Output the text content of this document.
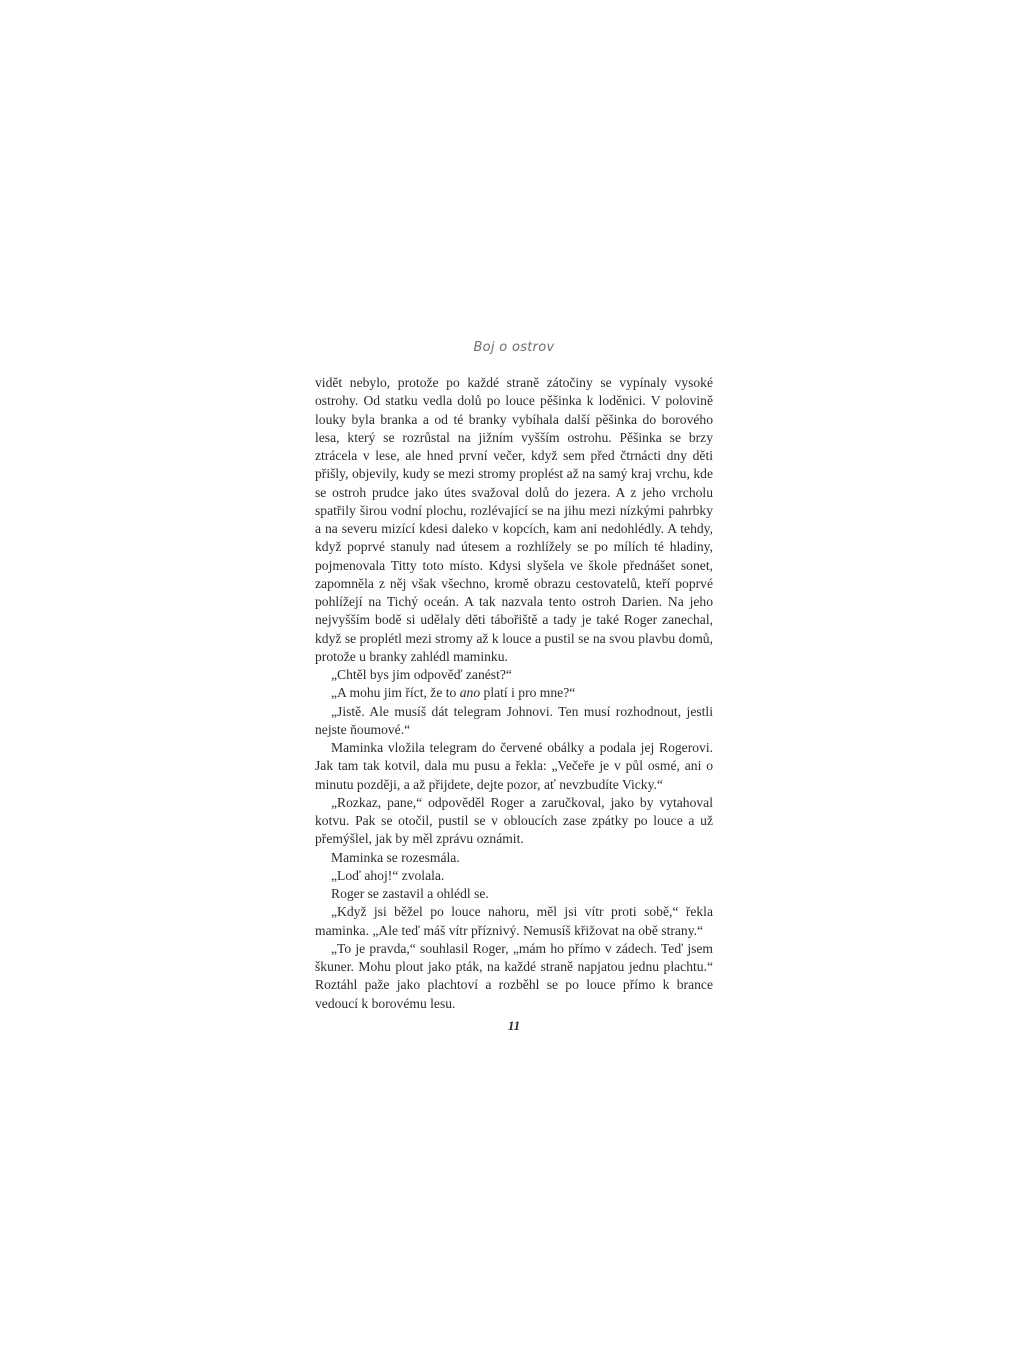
Boj o ostrov

vidět nebylo, protože po každé straně zátočiny se vypínaly vysoké ostrohy. Od statku vedla dolů po louce pěšinka k loděnici. V polovině louky byla branka a od té branky vybíhala další pěšinka do borového lesa, který se rozrůstal na jižním vyšším ostrohu. Pěšinka se brzy ztrácela v lese, ale hned první večer, když sem před čtrnácti dny děti přišly, objevily, kudy se mezi stromy proplést až na samý kraj vrchu, kde se ostroh prudce jako útes svažoval dolů do jezera. A z jeho vrcholu spatřily širou vodní plochu, rozlévající se na jihu mezi nízkými pahrbky a na severu mizící kdesi daleko v kopcích, kam ani nedohlédly. A tehdy, když poprvé stanuly nad útesem a rozhlížely se po mílích té hladiny, pojmenovala Titty toto místo. Kdysi slyšela ve škole přednášet sonet, zapomněla z něj však všechno, kromě obrazu cestovatelů, kteří poprvé pohlížejí na Tichý oceán. A tak nazvala tento ostroh Darien. Na jeho nejvyšším bodě si udělaly děti tábořiště a tady je také Roger zanechal, když se proplétl mezi stromy až k louce a pustil se na svou plavbu domů, protože u branky zahlédl maminku.

„Chtěl bys jim odpověď zanést?“

„A mohu jim říct, že to ano platí i pro mne?“

„Jistě. Ale musíš dát telegram Johnovi. Ten musí rozhodnout, jestli nejste ňoumové.“

Maminka vložila telegram do červené obálky a podala jej Rogerovi. Jak tam tak kotvil, dala mu pusu a řekla: „Večeře je v půl osmé, ani o minutu později, a až přijdete, dejte pozor, ať nevzbudíte Vicky.“

„Rozkaz, pane,“ odpověděl Roger a zaručkoval, jako by vytahoval kotvu. Pak se otočil, pustil se v obloucích zase zpátky po louce a už přemýšlel, jak by měl zprávu oznámit.

Maminka se rozesmála.

„Loď ahoj!“ zvolala.

Roger se zastavil a ohlédl se.

„Když jsi běžel po louce nahoru, měl jsi vítr proti sobě,“ řekla maminka. „Ale teď máš vítr příznivý. Nemusíš křižovat na obě strany.“

„To je pravda,“ souhlasil Roger, „mám ho přímo v zádech. Teď jsem škuner. Mohu plout jako pták, na každé straně napjatou jednu plachtu.“ Roztáhl paže jako plachtoví a rozběhl se po louce přímo k brance vedoucí k borovému lesu.

11
